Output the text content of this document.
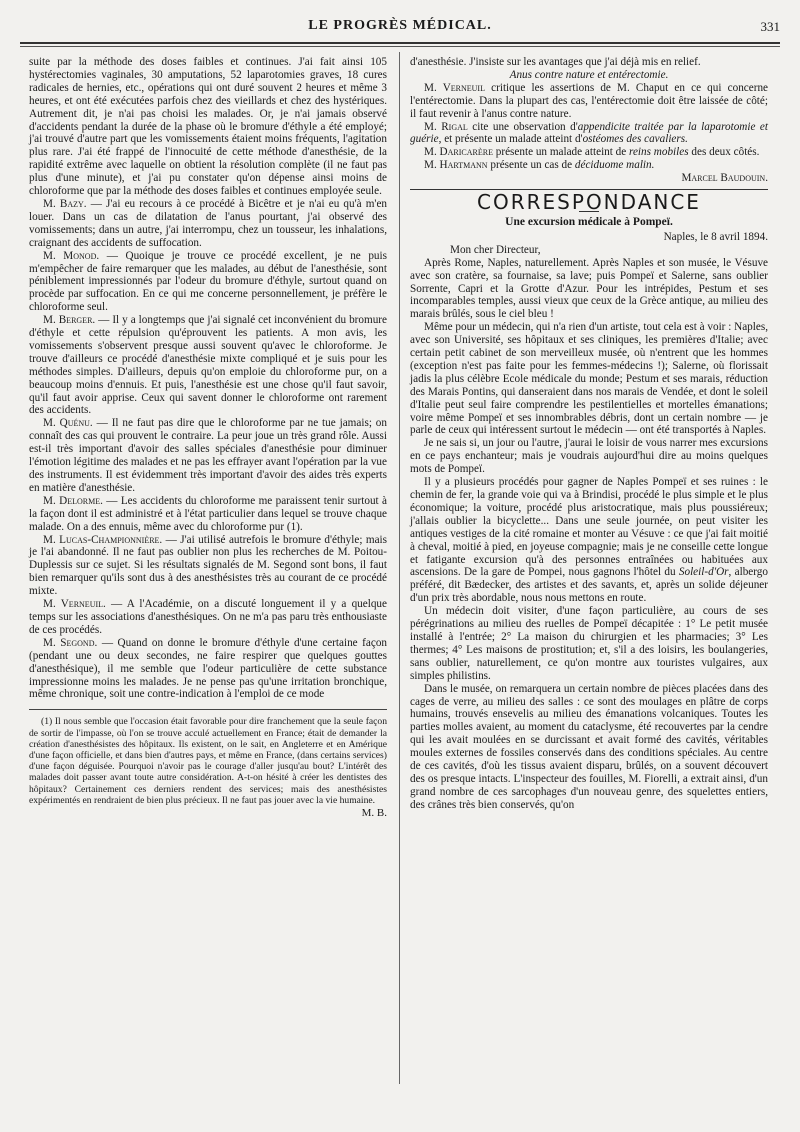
LE PROGRÈS MÉDICAL.	331

suite par la méthode des doses faibles et continues. J'ai fait ainsi 105 hystérectomies vaginales, 30 amputations, 52 laparotomies graves, 18 cures radicales de hernies, etc., opérations qui ont duré souvent 2 heures et même 3 heures, et ont été exécutées parfois chez des vieillards et chez des hystériques. Autrement dit, je n'ai pas choisi les malades. Or, je n'ai jamais observé d'accidents pendant la durée de la phase où le bromure d'éthyle a été employé; j'ai trouvé d'autre part que les vomissements étaient moins fréquents, l'agitation plus rare. J'ai été frappé de l'innocuité de cette méthode d'anesthésie, de la rapidité extrême avec laquelle on obtient la résolution complète (il ne faut pas plus d'une minute), et j'ai pu constater qu'on dépense ainsi moins de chloroforme que par la méthode des doses faibles et continues employée seule.

M. Bazy. — J'ai eu recours à ce procédé à Bicêtre et je n'ai eu qu'à m'en louer. Dans un cas de dilatation de l'anus pourtant, j'ai observé des vomissements; dans un autre, j'ai interrompu, chez un tousseur, les inhalations, craignant des accidents de suffocation.

M. Monod. — Quoique je trouve ce procédé excellent, je ne puis m'empêcher de faire remarquer que les malades, au début de l'anesthésie, sont péniblement impressionnés par l'odeur du bromure d'éthyle, surtout quand on procède par suffocation. En ce qui me concerne personnellement, je préfère le chloroforme seul.

M. Berger. — Il y a longtemps que j'ai signalé cet inconvénient du bromure d'éthyle et cette répulsion qu'éprouvent les patients. A mon avis, les vomissements s'observent presque aussi souvent qu'avec le chloroforme. Je trouve d'ailleurs ce procédé d'anesthésie mixte compliqué et je suis pour les méthodes simples. D'ailleurs, depuis qu'on emploie du chloroforme pur, on a beaucoup moins d'ennuis. Et puis, l'anesthésie est une chose qu'il faut savoir, qu'il faut avoir apprise. Ceux qui savent donner le chloroforme ont rarement des accidents.

M. Quénu. — Il ne faut pas dire que le chloroforme par ne tue jamais; on connaît des cas qui prouvent le contraire. La peur joue un très grand rôle. Aussi est-il très important d'avoir des salles spéciales d'anesthésie pour diminuer l'émotion légitime des malades et ne pas les effrayer avant l'opération par la vue des instruments. Il est évidemment très important d'avoir des aides très experts en matière d'anesthésie.

M. Delorme. — Les accidents du chloroforme me paraissent tenir surtout à la façon dont il est administré et à l'état particulier dans lequel se trouve chaque malade. On a des ennuis, même avec du chloroforme pur (1).

M. Lucas-Championnière. — J'ai utilisé autrefois le bromure d'éthyle; mais je l'ai abandonné. Il ne faut pas oublier non plus les recherches de M. Poitou-Duplessis sur ce sujet. Si les résultats signalés de M. Segond sont bons, il faut bien remarquer qu'ils sont dus à des anesthésistes très au courant de ce procédé mixte.

M. Verneuil. — A l'Académie, on a discuté longuement il y a quelque temps sur les associations d'anesthésiques. On ne m'a pas paru très enthousiaste de ces procédés.

M. Segond. — Quand on donne le bromure d'éthyle d'une certaine façon (pendant une ou deux secondes, ne faire respirer que quelques gouttes d'anesthésique), il me semble que l'odeur particulière de cette substance impressionne moins les malades. Je ne pense pas qu'une irritation bronchique, même chronique, soit une contre-indication à l'emploi de ce mode

(1) Il nous semble que l'occasion était favorable pour dire franchement que la seule façon de sortir de l'impasse, où l'on se trouve acculé actuellement en France; était de demander la création d'anesthésistes des hôpitaux. Ils existent, on le sait, en Angleterre et en Amérique d'une façon officielle, et dans bien d'autres pays, et même en France, (dans certains services) d'une façon déguisée. Pourquoi n'avoir pas le courage d'aller jusqu'au bout? L'intérêt des malades doit passer avant toute autre considération. A-t-on hésité à créer les dentistes des hôpitaux? Certainement ces derniers rendent des services; mais des anesthésistes expérimentés en rendraient de bien plus précieux. Il ne faut pas jouer avec la vie humaine.

M. B.

d'anesthésie. J'insiste sur les avantages que j'ai déjà mis en relief.

Anus contre nature et entérectomie.

M. Verneuil critique les assertions de M. Chaput en ce qui concerne l'entérectomie. Dans la plupart des cas, l'entérectomie doit être laissée de côté; il faut revenir à l'anus contre nature.

M. Rigal cite une observation d'appendicite traitée par la laparotomie et guérie, et présente un malade atteint d'ostéomes des cavaliers.

M. Daricarère présente un malade atteint de reins mobiles des deux côtés.

M. Hartmann présente un cas de déciduome malin.

Marcel Baudouin.

CORRESPONDANCE
Une excursion médicale à Pompeï.

Naples, le 8 avril 1894.

Mon cher Directeur,

Après Rome, Naples, naturellement. Après Naples et son musée, le Vésuve avec son cratère, sa fournaise, sa lave; puis Pompeï et Salerne, sans oublier Sorrente, Capri et la Grotte d'Azur. Pour les intrépides, Pestum et ses incomparables temples, aussi vieux que ceux de la Grèce antique, au milieu des marais brûlés, sous le ciel bleu !

Même pour un médecin, qui n'a rien d'un artiste, tout cela est à voir : Naples, avec son Université, ses hôpitaux et ses cliniques, les premières d'Italie; avec certain petit cabinet de son merveilleux musée, où n'entrent que les hommes (exception n'est pas faite pour les femmes-médecins !); Salerne, où florissait jadis la plus célèbre Ecole médicale du monde; Pestum et ses marais, réduction des Marais Pontins, qui danseraient dans nos marais de Vendée, et dont le soleil d'Italie peut seul faire comprendre les pestilentielles et mortelles émanations; voire même Pompeï et ses innombrables débris, dont un certain nombre — je parle de ceux qui intéressent surtout le médecin — ont été transportés à Naples.

Je ne sais si, un jour ou l'autre, j'aurai le loisir de vous narrer mes excursions en ce pays enchanteur; mais je voudrais aujourd'hui dire au moins quelques mots de Pompeï.

Il y a plusieurs procédés pour gagner de Naples Pompeï et ses ruines : le chemin de fer, la grande voie qui va à Brindisi, procédé le plus simple et le plus économique; la voiture, procédé plus aristocratique, mais plus poussiéreux; j'allais oublier la bicyclette... Dans une seule journée, on peut visiter les antiques vestiges de la cité romaine et monter au Vésuve : ce que j'ai fait moitié à cheval, moitié à pied, en joyeuse compagnie; mais je ne conseille cette longue et fatigante excursion qu'à des personnes entraînées ou habituées aux ascensions. De la gare de Pompei, nous gagnons l'hôtel du Soleil-d'Or, albergo préféré, dit Bædecker, des artistes et des savants, et, après un solide déjeuner d'un prix très abordable, nous nous mettons en route.

Un médecin doit visiter, d'une façon particulière, au cours de ses pérégrinations au milieu des ruelles de Pompeï décapitée : 1° Le petit musée installé à l'entrée; 2° La maison du chirurgien et les pharmacies; 3° Les thermes; 4° Les maisons de prostitution; et, s'il a des loisirs, les boulangeries, sans oublier, naturellement, ce qu'on montre aux touristes vulgaires, aux simples philistins.

Dans le musée, on remarquera un certain nombre de pièces placées dans des cages de verre, au milieu des salles : ce sont des moulages en plâtre de corps humains, trouvés ensevelis au milieu des émanations volcaniques. Toutes les parties molles avaient, au moment du cataclysme, été recouvertes par la cendre qui les avait moulées en se durcissant et avait formé des cavités, véritables moules externes de fossiles conservés dans des conditions spéciales. Au centre de ces cavités, d'où les tissus avaient disparu, brûlés, on a souvent découvert des os presque intacts. L'inspecteur des fouilles, M. Fiorelli, a extrait ainsi, d'un grand nombre de ces sarcophages d'un nouveau genre, des squelettes entiers, des crânes très bien conservés, qu'on
